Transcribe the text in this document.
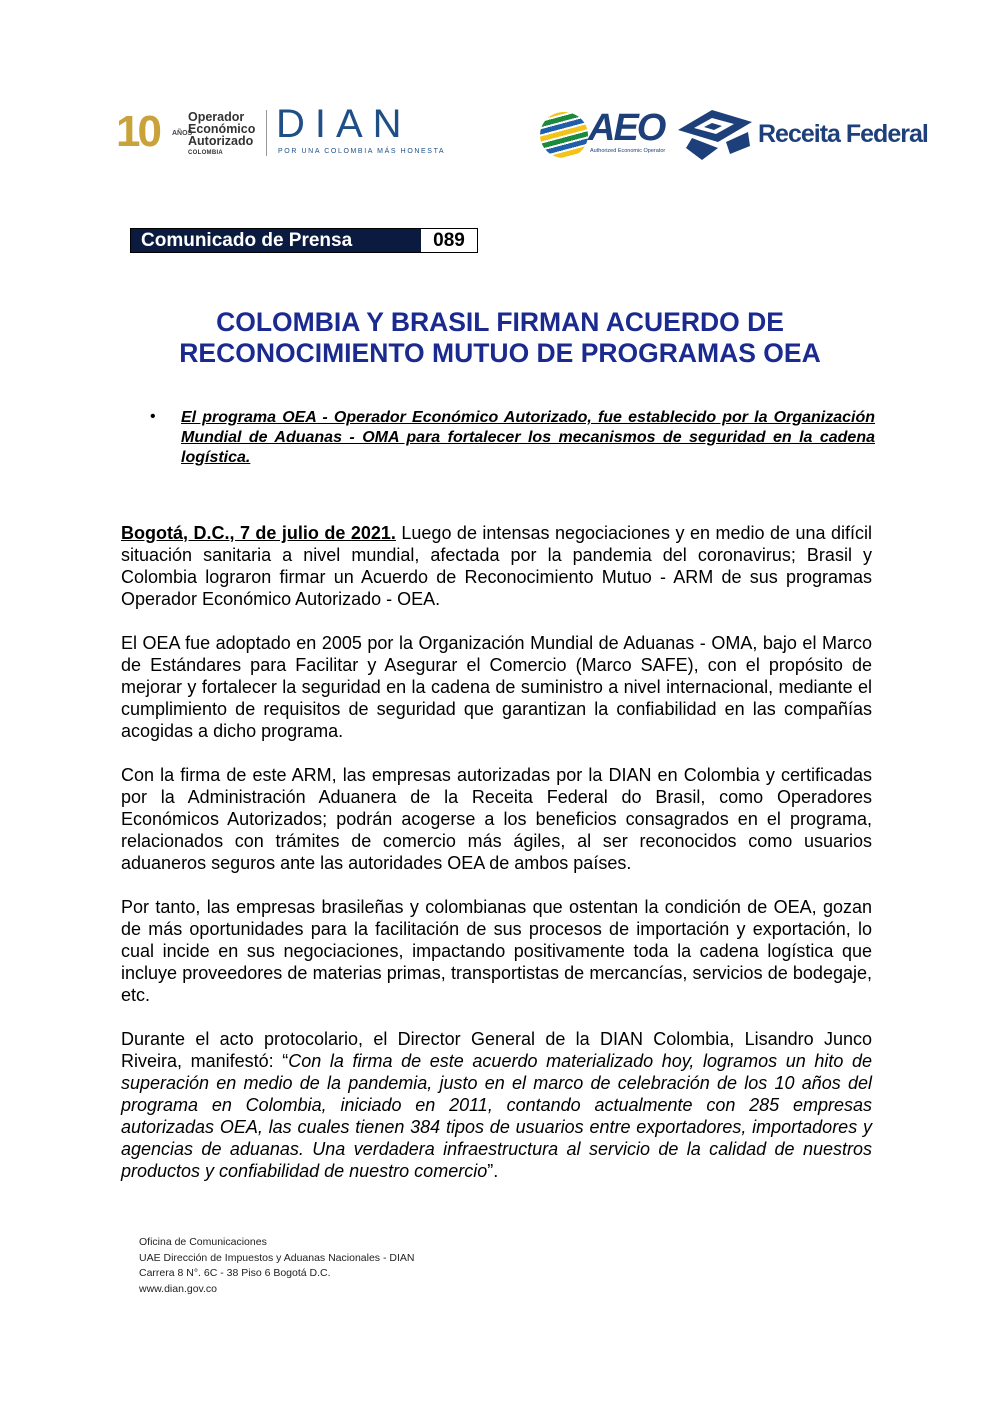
10 AÑOS
Operador
Económico
Autorizado
COLOMBIA
DIAN
POR UNA COLOMBIA MÁS HONESTA
AEO
Authorized Economic Operator
Receita Federal
Comunicado de Prensa	089
COLOMBIA Y BRASIL FIRMAN ACUERDO DE
RECONOCIMIENTO MUTUO DE PROGRAMAS OEA
• El programa OEA - Operador Económico Autorizado, fue establecido por la Organización Mundial de Aduanas - OMA para fortalecer los mecanismos de seguridad en la cadena logística.

Bogotá, D.C., 7 de julio de 2021. Luego de intensas negociaciones y en medio de una difícil situación sanitaria a nivel mundial, afectada por la pandemia del coronavirus; Brasil y Colombia lograron firmar un Acuerdo de Reconocimiento Mutuo - ARM de sus programas Operador Económico Autorizado - OEA.

El OEA fue adoptado en 2005 por la Organización Mundial de Aduanas - OMA, bajo el Marco de Estándares para Facilitar y Asegurar el Comercio (Marco SAFE), con el propósito de mejorar y fortalecer la seguridad en la cadena de suministro a nivel internacional, mediante el cumplimiento de requisitos de seguridad que garantizan la confiabilidad en las compañías acogidas a dicho programa.

Con la firma de este ARM, las empresas autorizadas por la DIAN en Colombia y certificadas por la Administración Aduanera de la Receita Federal do Brasil, como Operadores Económicos Autorizados; podrán acogerse a los beneficios consagrados en el programa, relacionados con trámites de comercio más ágiles, al ser reconocidos como usuarios aduaneros seguros ante las autoridades OEA de ambos países.

Por tanto, las empresas brasileñas y colombianas que ostentan la condición de OEA, gozan de más oportunidades para la facilitación de sus procesos de importación y exportación, lo cual incide en sus negociaciones, impactando positivamente toda la cadena logística que incluye proveedores de materias primas, transportistas de mercancías, servicios de bodegaje, etc.

Durante el acto protocolario, el Director General de la DIAN Colombia, Lisandro Junco Riveira, manifestó: “Con la firma de este acuerdo materializado hoy, logramos un hito de superación en medio de la pandemia, justo en el marco de celebración de los 10 años del programa en Colombia, iniciado en 2011, contando actualmente con 285 empresas autorizadas OEA, las cuales tienen 384 tipos de usuarios entre exportadores, importadores y agencias de aduanas. Una verdadera infraestructura al servicio de la calidad de nuestros productos y confiabilidad de nuestro comercio”.

Oficina de Comunicaciones
UAE Dirección de Impuestos y Aduanas Nacionales - DIAN
Carrera 8 N°. 6C - 38 Piso 6 Bogotá D.C.
www.dian.gov.co
